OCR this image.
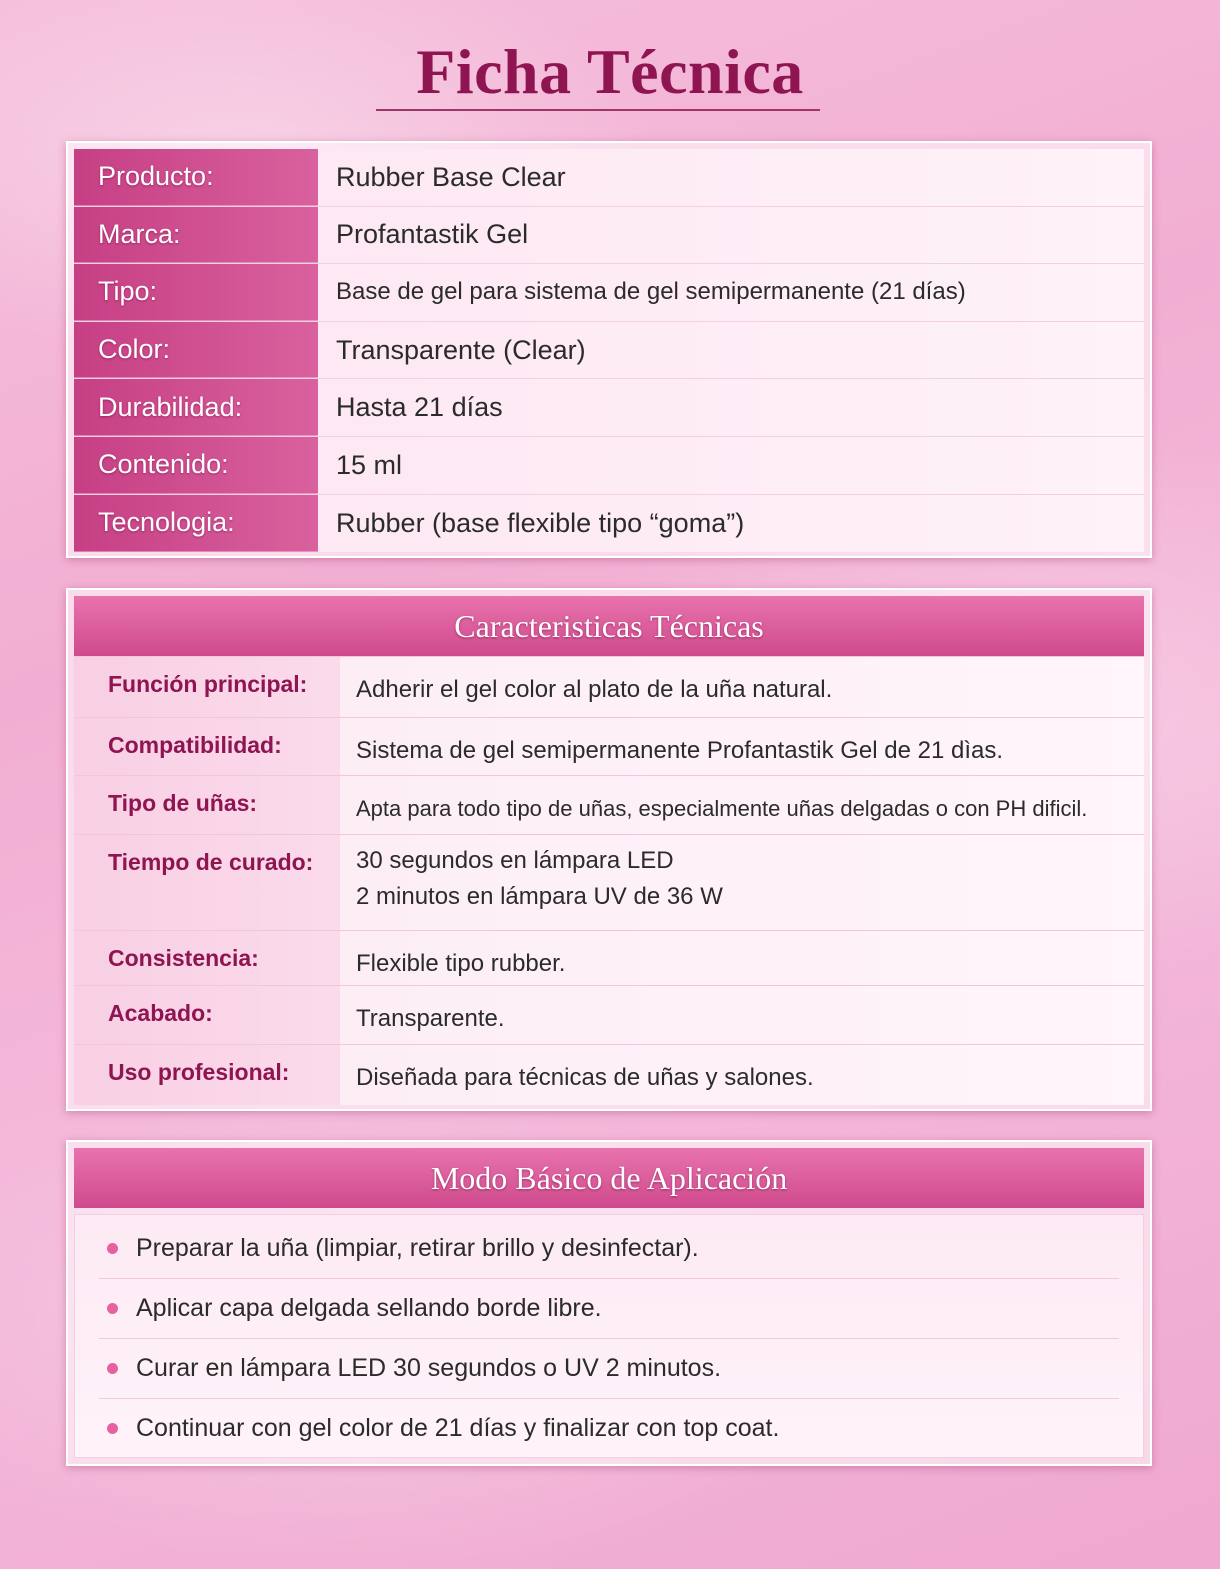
Ficha Técnica
Producto:	Rubber Base Clear
Marca:	Profantastik Gel
Tipo:	Base de gel para sistema de gel semipermanente (21 días)
Color:	Transparente (Clear)
Durabilidad:	Hasta 21 días
Contenido:	15 ml
Tecnologia:	Rubber (base flexible tipo “goma”)
Caracteristicas Técnicas
Función principal:	Adherir el gel color al plato de la uña natural.
Compatibilidad:	Sistema de gel semipermanente Profantastik Gel de 21 dìas.
Tipo de uñas:	Apta para todo tipo de uñas, especialmente uñas delgadas o con PH dificil.
Tiempo de curado:	30 segundos en lámpara LED
2 minutos en lámpara UV de 36 W
Consistencia:	Flexible tipo rubber.
Acabado:	Transparente.
Uso profesional:	Diseñada para técnicas de uñas y salones.
Modo Básico de Aplicación
Preparar la uña (limpiar, retirar brillo y desinfectar).
Aplicar capa delgada sellando borde libre.
Curar en lámpara LED 30 segundos o UV 2 minutos.
Continuar con gel color de 21 días y finalizar con top coat.
